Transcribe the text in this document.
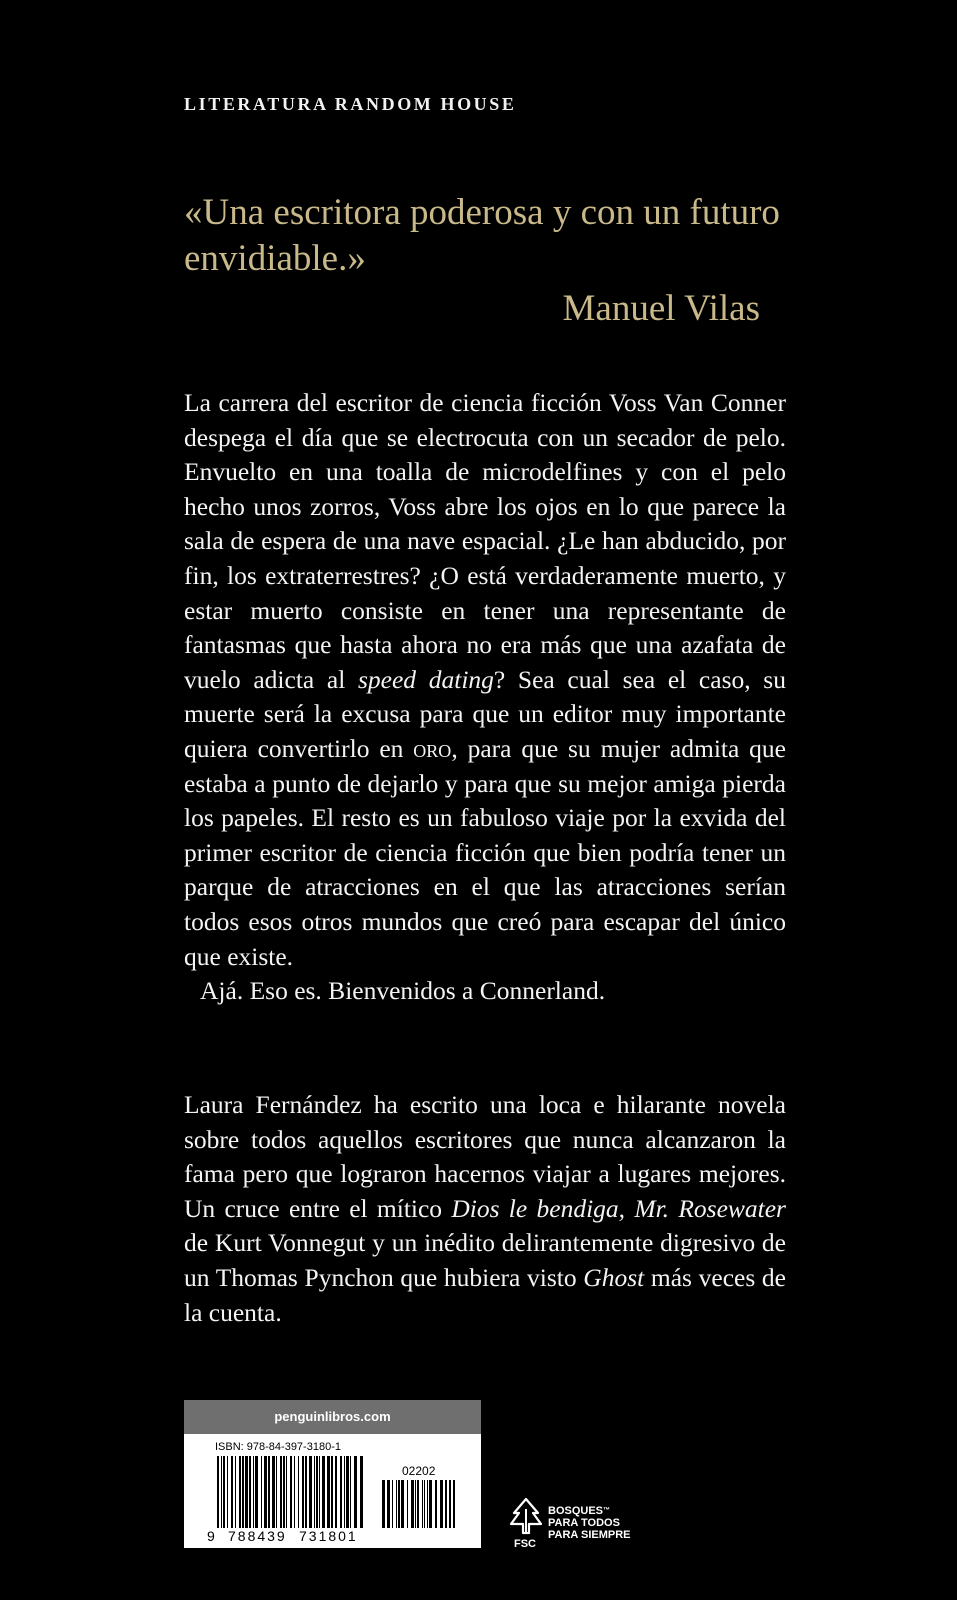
LITERATURA RANDOM HOUSE
«Una escritora poderosa y con un futuro envidiable.»
Manuel Vilas

La carrera del escritor de ciencia ficción Voss Van Conner despega el día que se electrocuta con un secador de pelo. Envuelto en una toalla de microdelfines y con el pelo hecho unos zorros, Voss abre los ojos en lo que parece la sala de espera de una nave espacial. ¿Le han abducido, por fin, los extraterrestres? ¿O está verdaderamente muerto, y estar muerto consiste en tener una representante de fantasmas que hasta ahora no era más que una azafata de vuelo adicta al speed dating? Sea cual sea el caso, su muerte será la excusa para que un editor muy importante quiera convertirlo en oro, para que su mujer admita que estaba a punto de dejarlo y para que su mejor amiga pierda los papeles. El resto es un fabuloso viaje por la exvida del primer escritor de ciencia ficción que bien podría tener un parque de atracciones en el que las atracciones serían todos esos otros mundos que creó para escapar del único que existe.

Ajá. Eso es. Bienvenidos a Connerland.

Laura Fernández ha escrito una loca e hilarante novela sobre todos aquellos escritores que nunca alcanzaron la fama pero que lograron hacernos viajar a lugares mejores. Un cruce entre el mítico Dios le bendiga, Mr. Rosewater de Kurt Vonnegut y un inédito delirantemente digresivo de un Thomas Pynchon que hubiera visto Ghost más veces de la cuenta.

penguinlibros.com
ISBN: 978-84-397-3180-1
02202
9 788439 731801	FSC
BOSQUES™
PARA TODOS
PARA SIEMPRE
